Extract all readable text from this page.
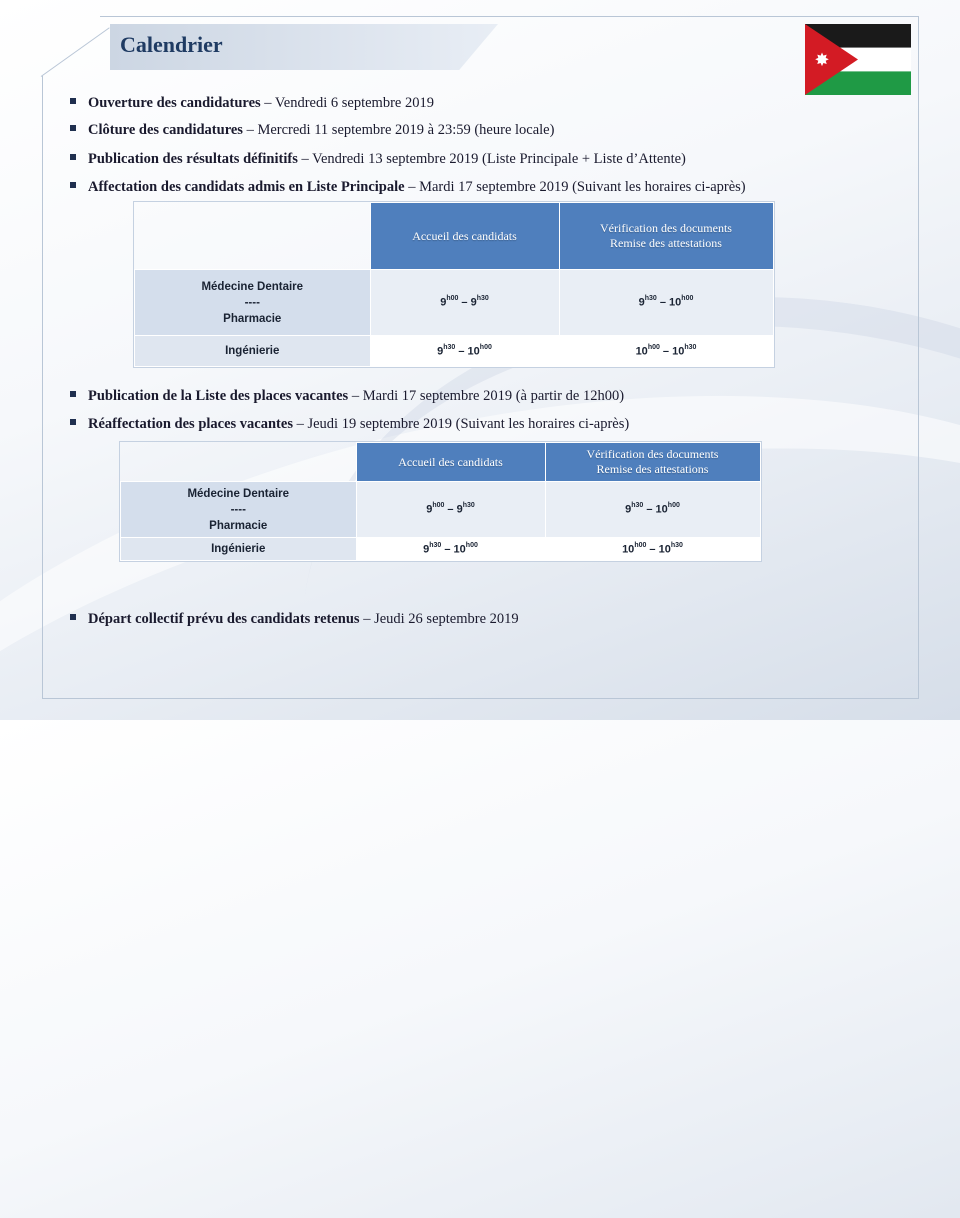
Calendrier
Ouverture des candidatures – Vendredi 6 septembre 2019
Clôture des candidatures – Mercredi 11 septembre 2019 à 23:59 (heure locale)
Publication des résultats définitifs – Vendredi 13 septembre 2019 (Liste Principale + Liste d’Attente)
Affectation des candidats admis en Liste Principale – Mardi 17 septembre 2019 (Suivant les horaires ci-après)
Publication de la Liste des places vacantes – Mardi 17 septembre 2019 (à partir de 12h00)
Réaffectation des places vacantes – Jeudi 19 septembre 2019 (Suivant les horaires ci-après)
Départ collectif prévu des candidats retenus – Jeudi 26 septembre 2019
	Accueil des candidats	Vérification des documents
Remise des attestations

Médecine Dentaire
----
Pharmacie	$9^{h00} - 9^{h30}$	$9^{h30} - 10^{h00}$
Ingénierie	$9^{h30} - 10^{h00}$	$10^{h00} - 10^{h30}$
	Accueil des candidats	Vérification des documents
Remise des attestations

Médecine Dentaire
----
Pharmacie	$9^{h00} - 9^{h30}$	$9^{h30} - 10^{h00}$
Ingénierie	$9^{h30} - 10^{h00}$	$10^{h00} - 10^{h30}$
